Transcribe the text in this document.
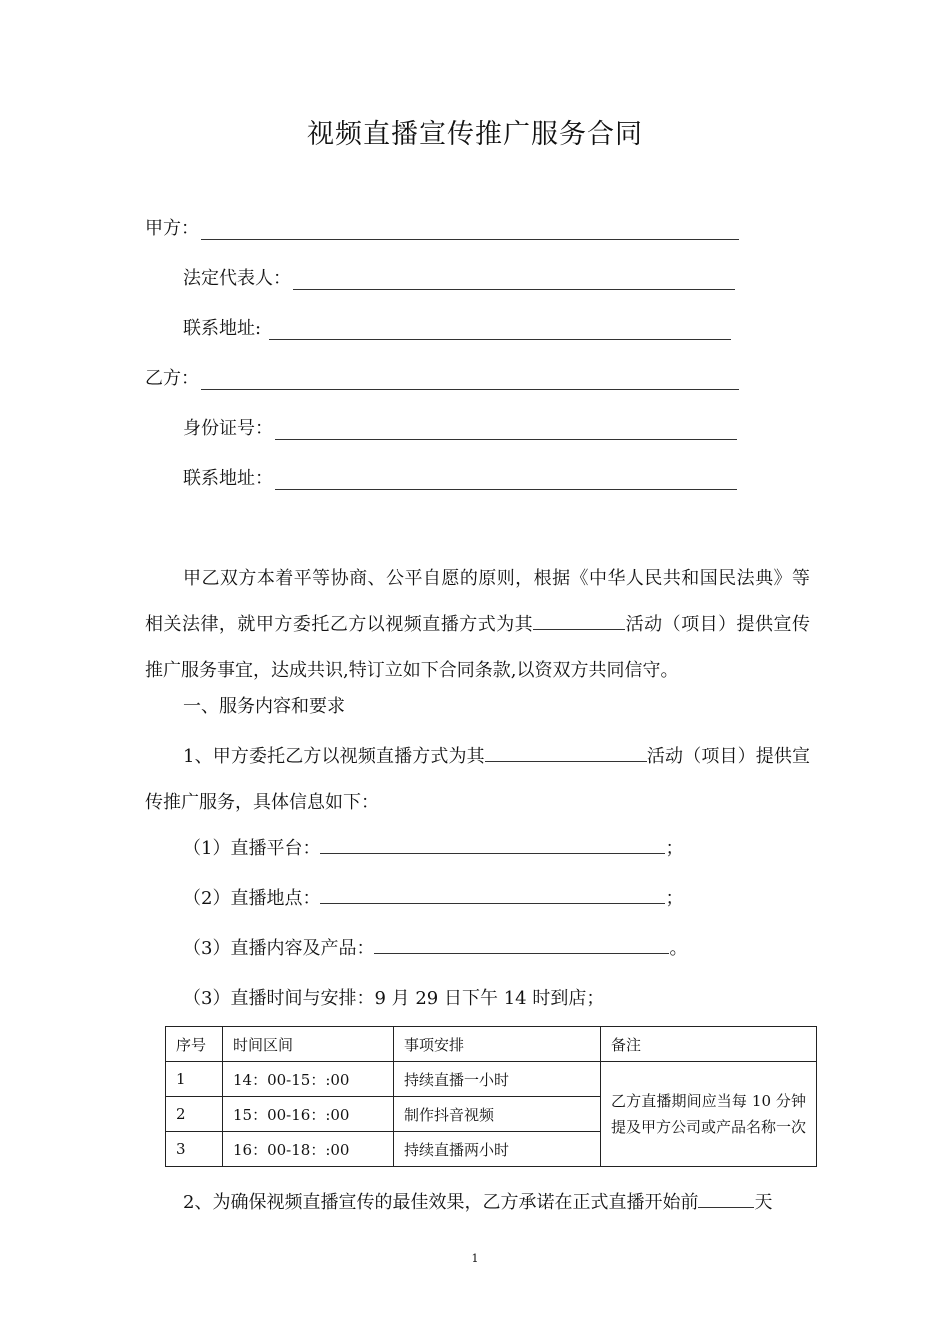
视频直播宣传推广服务合同
甲方：
法定代表人：
联系地址:
乙方：
身份证号：
联系地址：
甲乙双方本着平等协商、公平自愿的原则，根据《中华人民共和国民法典》等相关法律，就甲方委托乙方以视频直播方式为其	活动（项目）提供宣传推广服务事宜，达成共识,特订立如下合同条款,以资双方共同信守。
一、服务内容和要求
1、甲方委托乙方以视频直播方式为其	活动（项目）提供宣传推广服务，具体信息如下：
（1）直播平台：	；
（2）直播地点：	；
（3）直播内容及产品：	。
（3）直播时间与安排：9 月 29 日下午 14 时到店；
序号	时间区间	事项安排	备注
1	14：00-15：:00	持续直播一小时	乙方直播期间应当每 10 分钟提及甲方公司或产品名称一次
2	15：00-16：:00	制作抖音视频	
3	16：00-18：:00	持续直播两小时	
2、为确保视频直播宣传的最佳效果，乙方承诺在正式直播开始前	天
1
